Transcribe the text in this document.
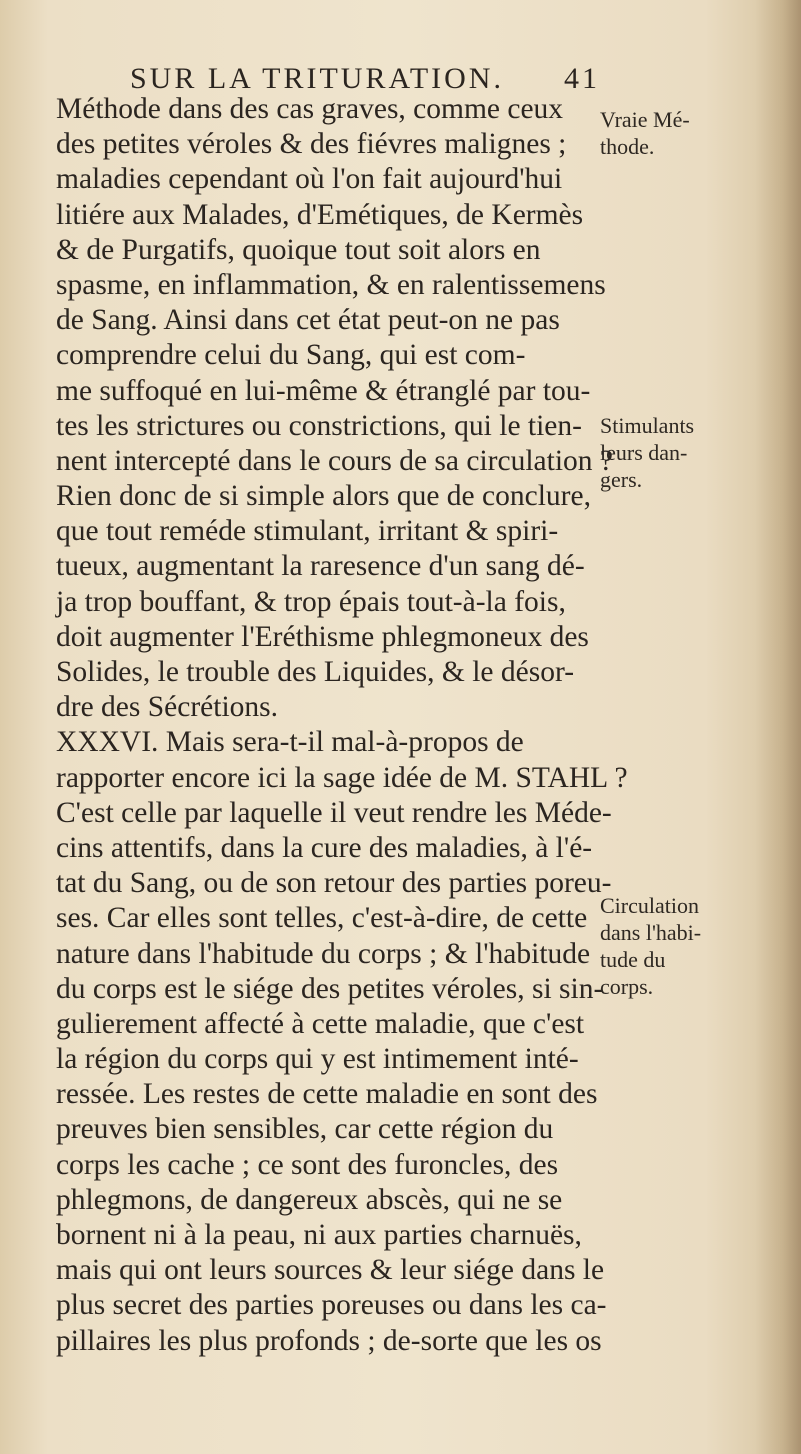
SUR LA TRITURATION. 41
Méthode dans des cas graves, comme ceux
des petites véroles & des fiévres malignes ;
maladies cependant où l'on fait aujourd'hui
litiére aux Malades, d'Emétiques, de Kermès
& de Purgatifs, quoique tout soit alors en
spasme, en inflammation, & en ralentissemens
de Sang. Ainsi dans cet état peut-on ne pas
comprendre celui du Sang, qui est com-
me suffoqué en lui-même & étranglé par tou-
tes les strictures ou constrictions, qui le tien-
nent intercepté dans le cours de sa circulation ?
Rien donc de si simple alors que de conclure,
que tout reméde stimulant, irritant & spiri-
tueux, augmentant la raresence d'un sang dé-
ja trop bouffant, & trop épais tout-à-la fois,
doit augmenter l'Eréthisme phlegmoneux des
Solides, le trouble des Liquides, & le désor-
dre des Sécrétions.
XXXVI. Mais sera-t-il mal-à-propos de
rapporter encore ici la sage idée de M. STAHL ?
C'est celle par laquelle il veut rendre les Méde-
cins attentifs, dans la cure des maladies, à l'é-
tat du Sang, ou de son retour des parties poreu-
ses. Car elles sont telles, c'est-à-dire, de cette
nature dans l'habitude du corps ; & l'habitude
du corps est le siége des petites véroles, si sin-
gulierement affecté à cette maladie, que c'est
la région du corps qui y est intimement inté-
ressée. Les restes de cette maladie en sont des
preuves bien sensibles, car cette région du
corps les cache ; ce sont des furoncles, des
phlegmons, de dangereux abscès, qui ne se
bornent ni à la peau, ni aux parties charnuës,
mais qui ont leurs sources & leur siége dans le
plus secret des parties poreuses ou dans les ca-
pillaires les plus profonds ; de-sorte que les os
Vraie Mé-
thode.
Stimulants
leurs dan-
gers.
Circulation
dans l'habi-
tude du
corps.
